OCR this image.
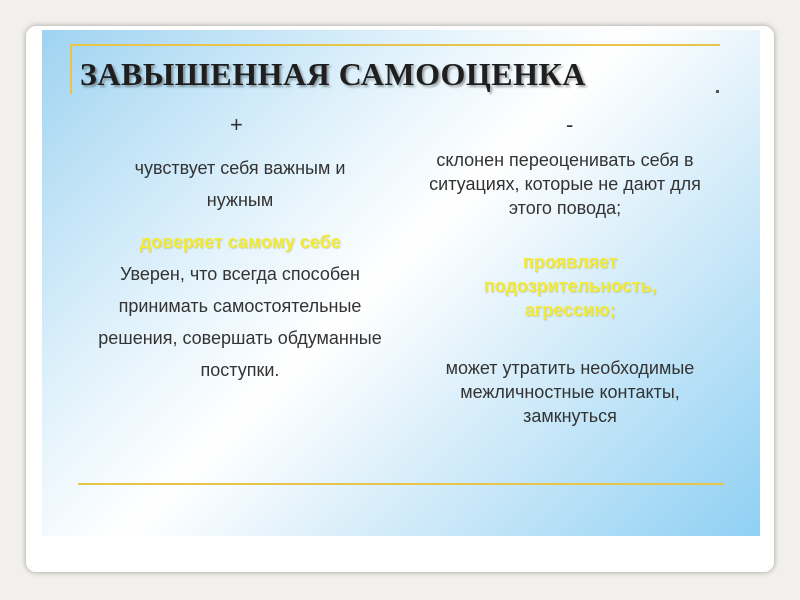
ЗАВЫШЕННАЯ САМООЦЕНКА
+	-
чувствует себя важным и нужным
доверяет самому себе
Уверен, что всегда способен принимать самостоятельные решения, совершать обдуманные поступки.
склонен переоценивать себя в ситуациях, которые не дают для этого повода;
проявляет подозрительность, агрессию;
может утратить необходимые межличностные контакты, замкнуться
